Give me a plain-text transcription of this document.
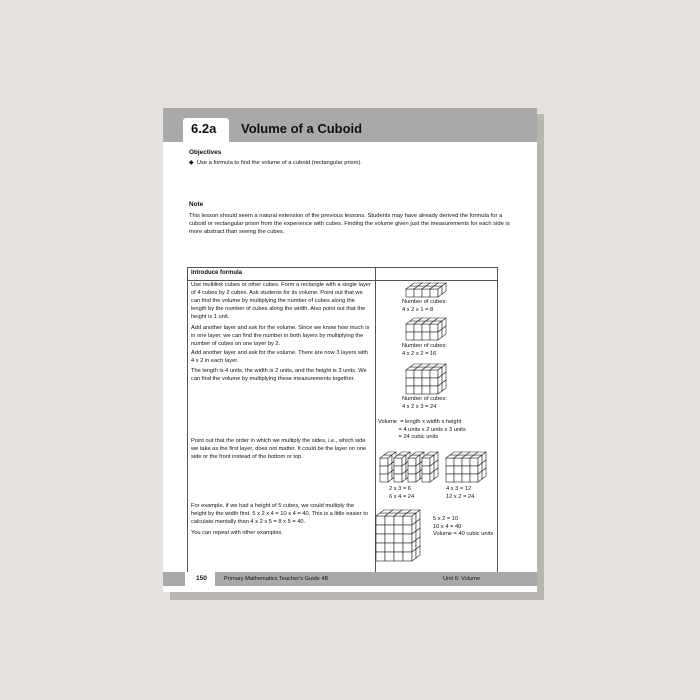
6.2a Volume of a Cuboid
Objectives
◆ Use a formula to find the volume of a cuboid (rectangular prism).
Note
This lesson should seem a natural extension of the previous lessons. Students may have already derived the formula for a cuboid or rectangular prism from the experience with cubes. Finding the volume given just the measurements for each side is more abstract than seeing the cubes.
Introduce formula
Use multilink cubes or other cubes. Form a rectangle with a single layer of 4 cubes by 2 cubes. Ask students for its volume. Point out that we can find the volume by multiplying the number of cubes along the length by the number of cubes along the width. Also point out that the height is 1 unit.
Add another layer and ask for the volume. Since we know how much is in one layer, we can find the number in both layers by multiplying the number of cubes on one layer by 2.
Add another layer and ask for the volume. There are now 3 layers with 4 x 2 in each layer.
The length is 4 units, the width is 2 units, and the height is 3 units. We can find the volume by multiplying these measurements together.
Point out that the order in which we multiply the sides, i.e., which side we take as the first layer, does not matter. It could be the layer on one side or the front instead of the bottom or top.
For example, if we had a height of 5 cubes, we could multiply the height by the width first. 5 x 2 x 4 = 10 x 4 = 40. This is a little easier to calculate mentally than 4 x 2 x 5 = 8 x 5 = 40.
You can repeat with other examples.
Number of cubes:
4 x 2 x 1 = 8
Number of cubes:
4 x 2 x 2 = 16
Number of cubes:
4 x 2 x 3 = 24
Volume  = length x width x height
= 4 units x 2 units x 3 units
= 24 cubic units
2 x 3 = 6
6 x 4 = 24
4 x 3 = 12
12 x 2 = 24
5 x 2 = 10
10 x 4 = 40
Volume = 40 cubic units
150	Primary Mathematics Teacher's Guide 4B	Unit 6: Volume
